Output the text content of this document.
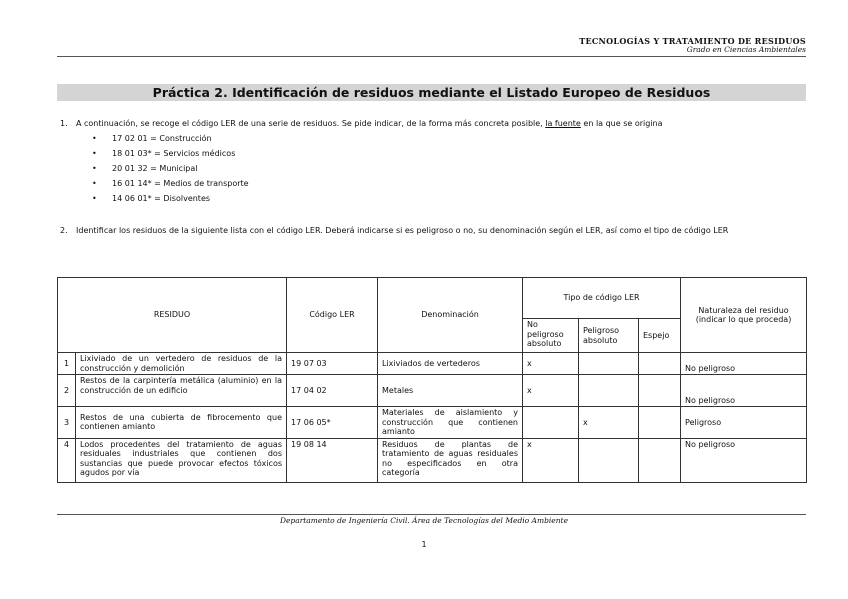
TECNOLOGÍAS Y TRATAMIENTO DE RESIDUOS
Grado en Ciencias Ambientales
Práctica 2. Identificación de residuos mediante el Listado Europeo de Residuos
1. A continuación, se recoge el código LER de una serie de residuos. Se pide indicar, de la forma más concreta posible, la fuente en la que se origina
• 17 02 01 = Construcción
• 18 01 03* = Servicios médicos
• 20 01 32 = Municipal
• 16 01 14* = Medios de transporte
• 14 06 01* = Disolventes
2. Identificar los residuos de la siguiente lista con el código LER. Deberá indicarse si es peligroso o no, su denominación según el LER, así como el tipo de código LER
RESIDUO		Código LER	Denominación	Tipo de código LER			Naturaleza del residuo (indicar lo que proceda)
				No peligroso absoluto	Peligroso absoluto	Espejo	
1	Lixiviado de un vertedero de residuos de la construcción y demolición	19 07 03	Lixiviados de vertederos	x			No peligroso
2	Restos de la carpintería metálica (aluminio) en la construcción de un edificio	17 04 02	Metales	x			No peligroso
3	Restos de una cubierta de fibrocemento que contienen amianto	17 06 05*	Materiales de aislamiento y construcción que contienen amianto		x		Peligroso
4	Lodos procedentes del tratamiento de aguas residuales industriales que contienen dos sustancias que puede provocar efectos tóxicos agudos por vía	19 08 14	Residuos de plantas de tratamiento de aguas residuales no especificados en otra categoría	x			No peligroso
Departamento de Ingeniería Civil. Área de Tecnologías del Medio Ambiente
1
